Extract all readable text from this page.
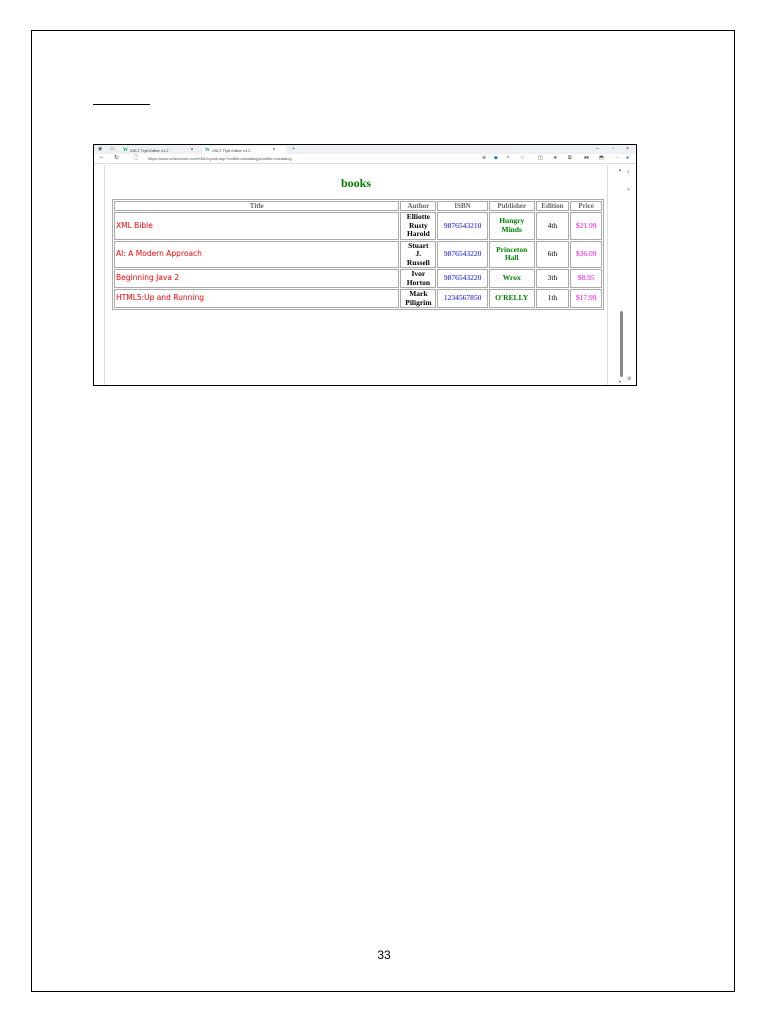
◉ ▭ W XSLT Tryit Editor v1.2	× W XSLT Tryit Editor v1.2	×	+	–	▫ ×
← ↻	🗋 https://www.w3schools.com/XML/tryxslt.asp?xmlfile=cdcatalog&xsltfile=cdcatalog	⊕ ◆ ᴬ ☆	◫ ★ ⧉ ⧓ ⬒ ⋯ ●
books
Title	Author	ISBN	Publisher	Edition	Price
XML Bible	Elliotte
Rusty
Harold	9876543210	Hungry
Minds	4th	$21.99
AI: A Modern Approach	Stuart
J.
Russell	9876543220	Princeton
Hall	6th	$36.09
Beginning Java 2	Ivor
Horton	9876543220	Wrox	3th	$8.95
HTML5:Up and Running	Mark
Piligrim	1234567850	O'RELLY	1th	$17.99
▲
▼
⌕
+
⚙
33
